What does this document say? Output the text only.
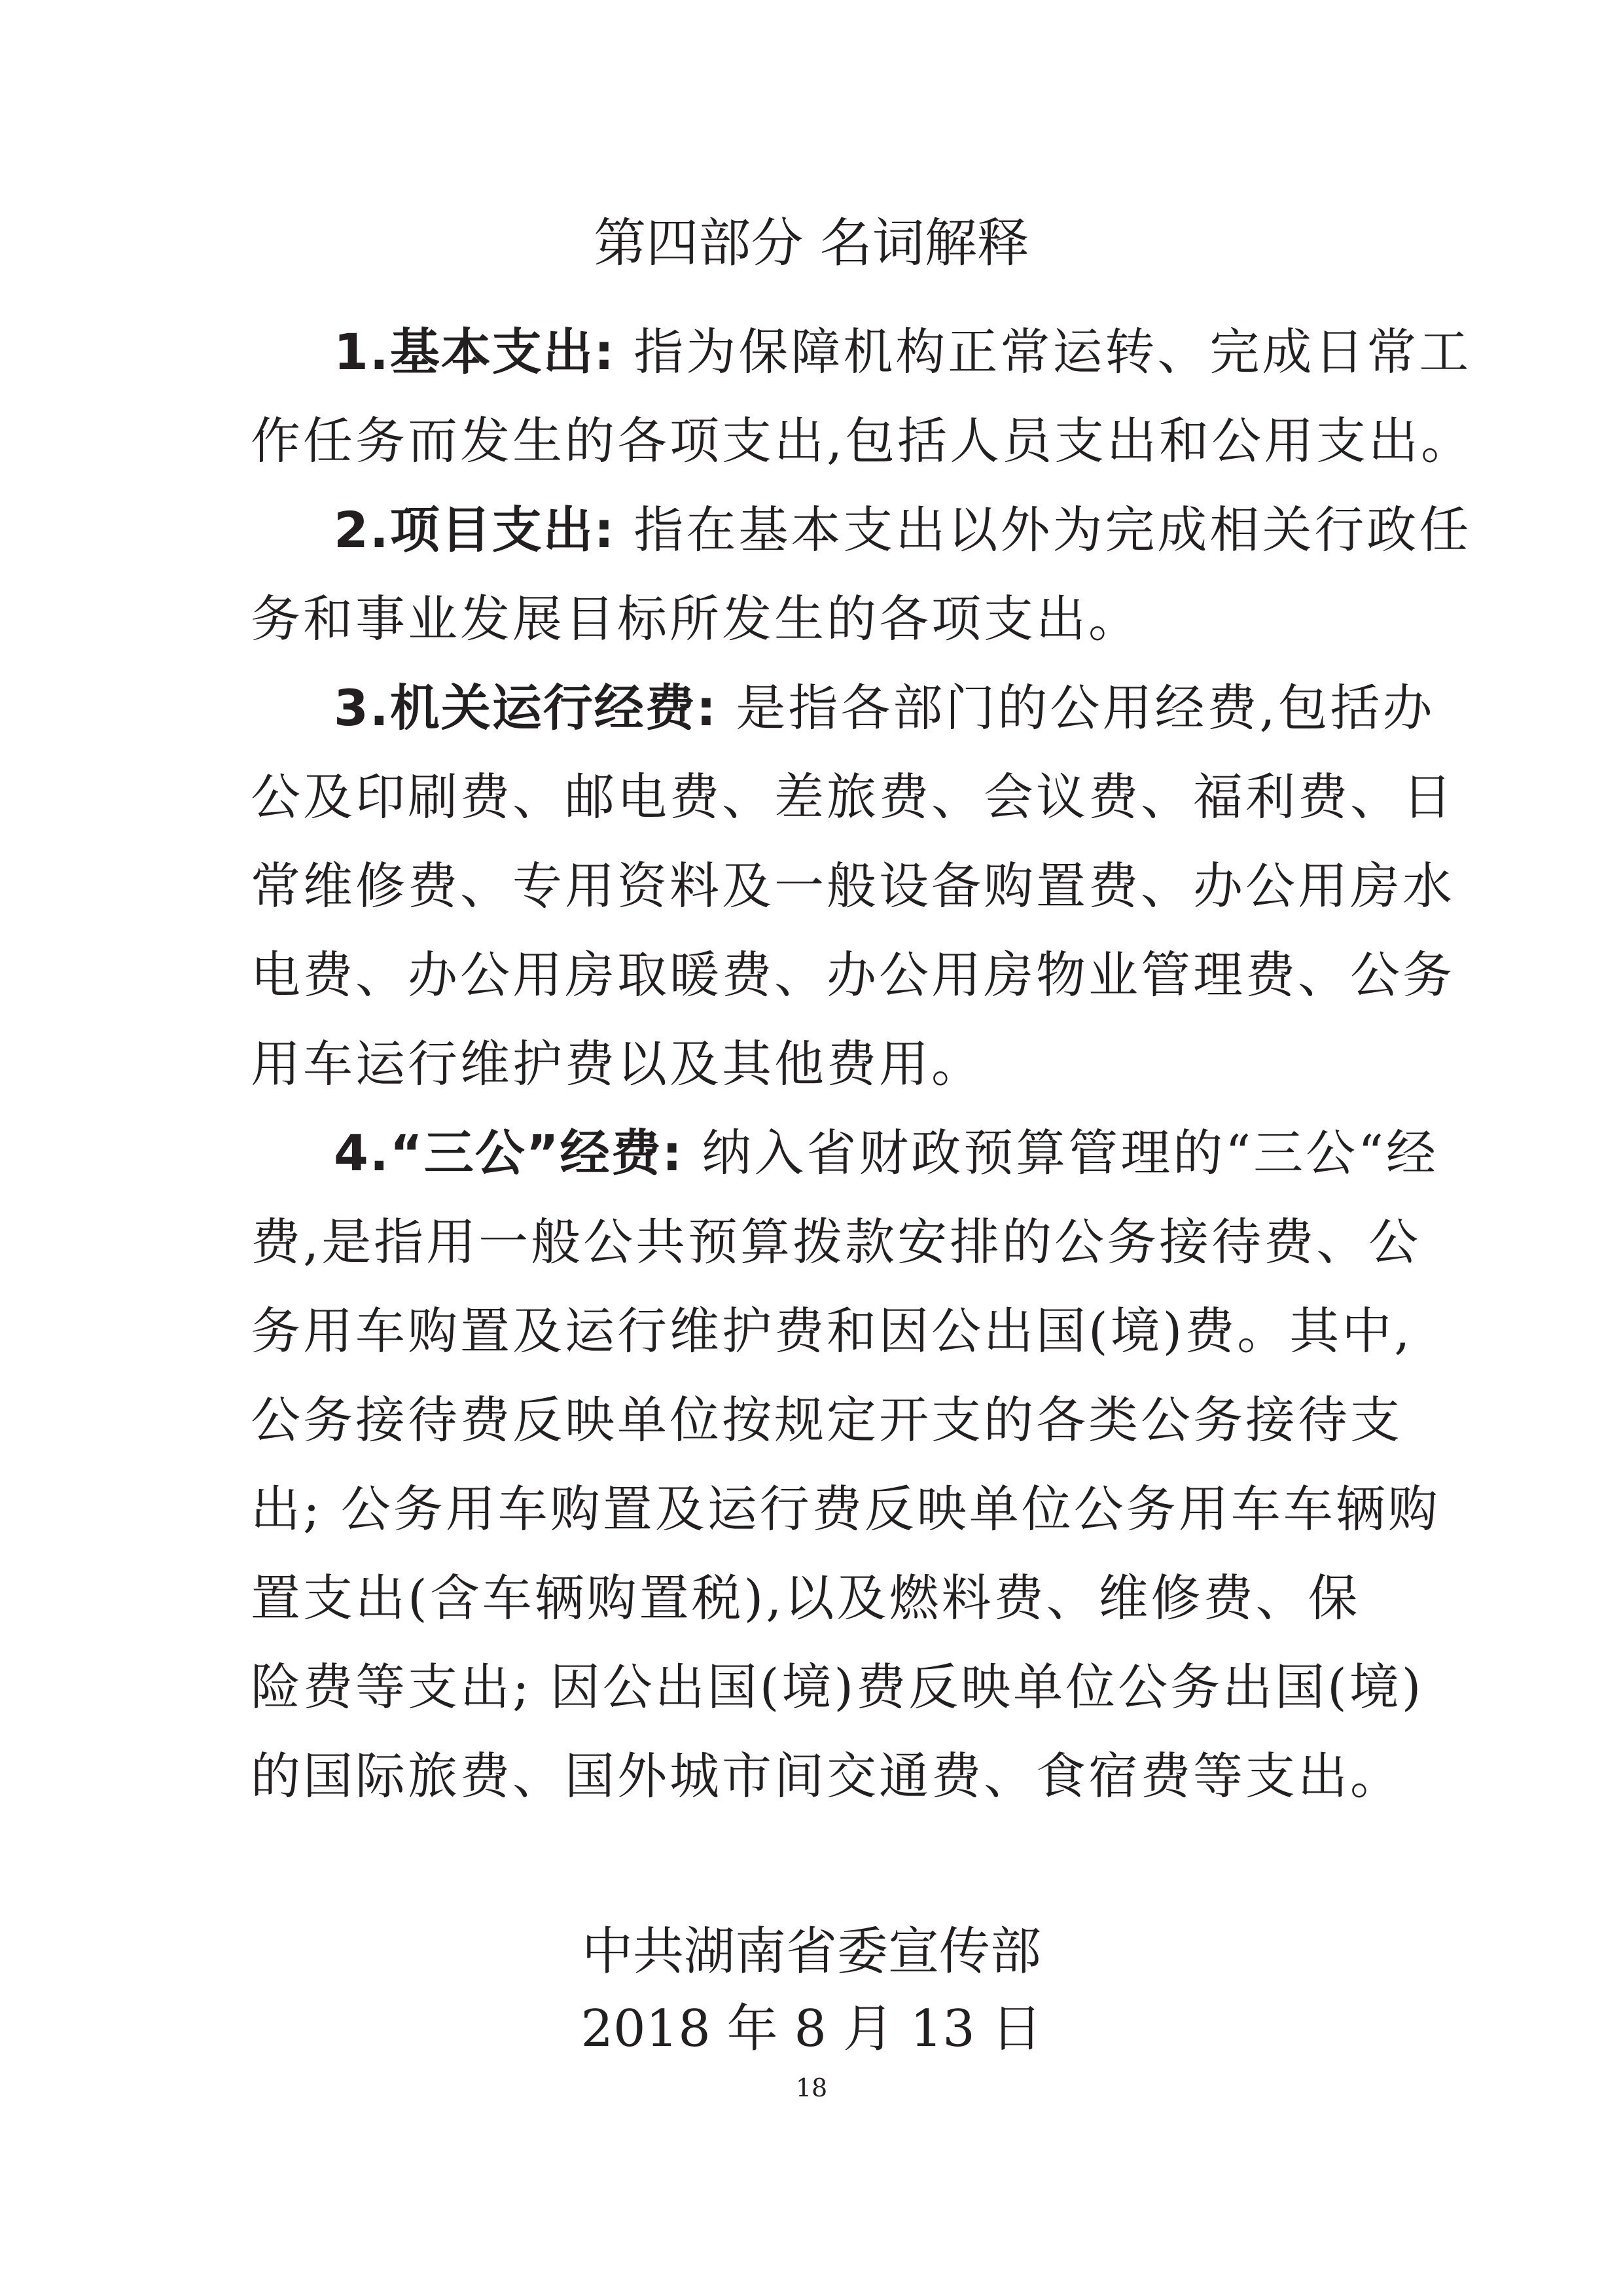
第四部分 名词解释
1.基本支出: 指为保障机构正常运转、完成日常工
作任务而发生的各项支出,包括人员支出和公用支出。
2.项目支出: 指在基本支出以外为完成相关行政任
务和事业发展目标所发生的各项支出。
3.机关运行经费: 是指各部门的公用经费,包括办
公及印刷费、邮电费、差旅费、会议费、福利费、日
常维修费、专用资料及一般设备购置费、办公用房水
电费、办公用房取暖费、办公用房物业管理费、公务
用车运行维护费以及其他费用。
4.“三公”经费: 纳入省财政预算管理的“三公“经
费,是指用一般公共预算拨款安排的公务接待费、公
务用车购置及运行维护费和因公出国(境)费。其中,
公务接待费反映单位按规定开支的各类公务接待支
出; 公务用车购置及运行费反映单位公务用车车辆购
置支出(含车辆购置税),以及燃料费、维修费、保
险费等支出; 因公出国(境)费反映单位公务出国(境)
的国际旅费、国外城市间交通费、食宿费等支出。
中共湖南省委宣传部
2018 年 8 月 13 日
18
